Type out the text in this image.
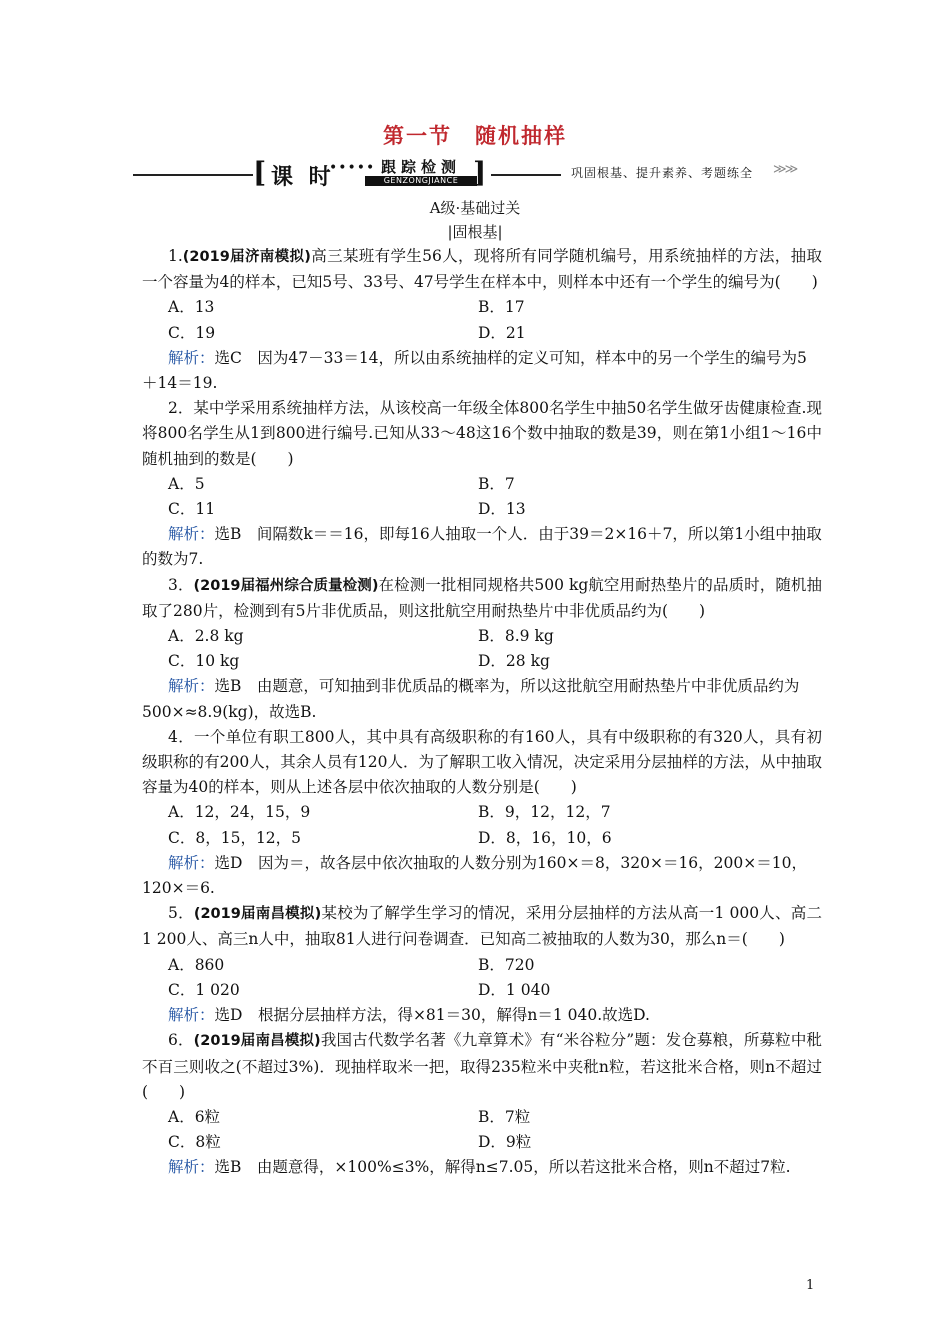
第一节　随机抽样
[ 课 时
••••• 跟踪检测
GENZONGJIANCE ]	巩固根基、提升素养、考题练全 ≫≫
A级·基础过关
|固根基|

1.(2019届济南模拟)高三某班有学生56人，现将所有同学随机编号，用系统抽样的方法，抽取一个容量为4的样本，已知5号、33号、47号学生在样本中，则样本中还有一个学生的编号为(　　)

A．13	B．17
C．19	D．21

解析：选C　因为47－33＝14，所以由系统抽样的定义可知，样本中的另一个学生的编号为5＋14＝19.

2．某中学采用系统抽样方法，从该校高一年级全体800名学生中抽50名学生做牙齿健康检查.现将800名学生从1到800进行编号.已知从33～48这16个数中抽取的数是39，则在第1小组1～16中随机抽到的数是(　　)

A．5	B．7
C．11	D．13

解析：选B　间隔数k＝＝16，即每16人抽取一个人．由于39＝2×16＋7，所以第1小组中抽取的数为7.

3．(2019届福州综合质量检测)在检测一批相同规格共500 kg航空用耐热垫片的品质时，随机抽取了280片，检测到有5片非优质品，则这批航空用耐热垫片中非优质品约为(　　)

A．2.8 kg	B．8.9 kg
C．10 kg	D．28 kg

解析：选B　由题意，可知抽到非优质品的概率为，所以这批航空用耐热垫片中非优质品约为500×≈8.9(kg)，故选B.

4．一个单位有职工800人，其中具有高级职称的有160人，具有中级职称的有320人，具有初级职称的有200人，其余人员有120人．为了解职工收入情况，决定采用分层抽样的方法，从中抽取容量为40的样本，则从上述各层中依次抽取的人数分别是(　　)

A．12，24，15，9	B．9，12，12，7
C．8，15，12，5	D．8，16，10，6

解析：选D　因为＝，故各层中依次抽取的人数分别为160×＝8，320×＝16，200×＝10，120×＝6.

5．(2019届南昌模拟)某校为了解学生学习的情况，采用分层抽样的方法从高一1 000人、高二1 200人、高三n人中，抽取81人进行问卷调查．已知高二被抽取的人数为30，那么n＝(　　)

A．860	B．720
C．1 020	D．1 040

解析：选D　根据分层抽样方法，得×81＝30，解得n＝1 040.故选D.

6．(2019届南昌模拟)我国古代数学名著《九章算术》有“米谷粒分”题：发仓募粮，所募粒中秕不百三则收之(不超过3%)．现抽样取米一把，取得235粒米中夹秕n粒，若这批米合格，则n不超过(　　)

A．6粒	B．7粒
C．8粒	D．9粒

解析：选B　由题意得，×100%≤3%，解得n≤7.05，所以若这批米合格，则n不超过7粒.

1
